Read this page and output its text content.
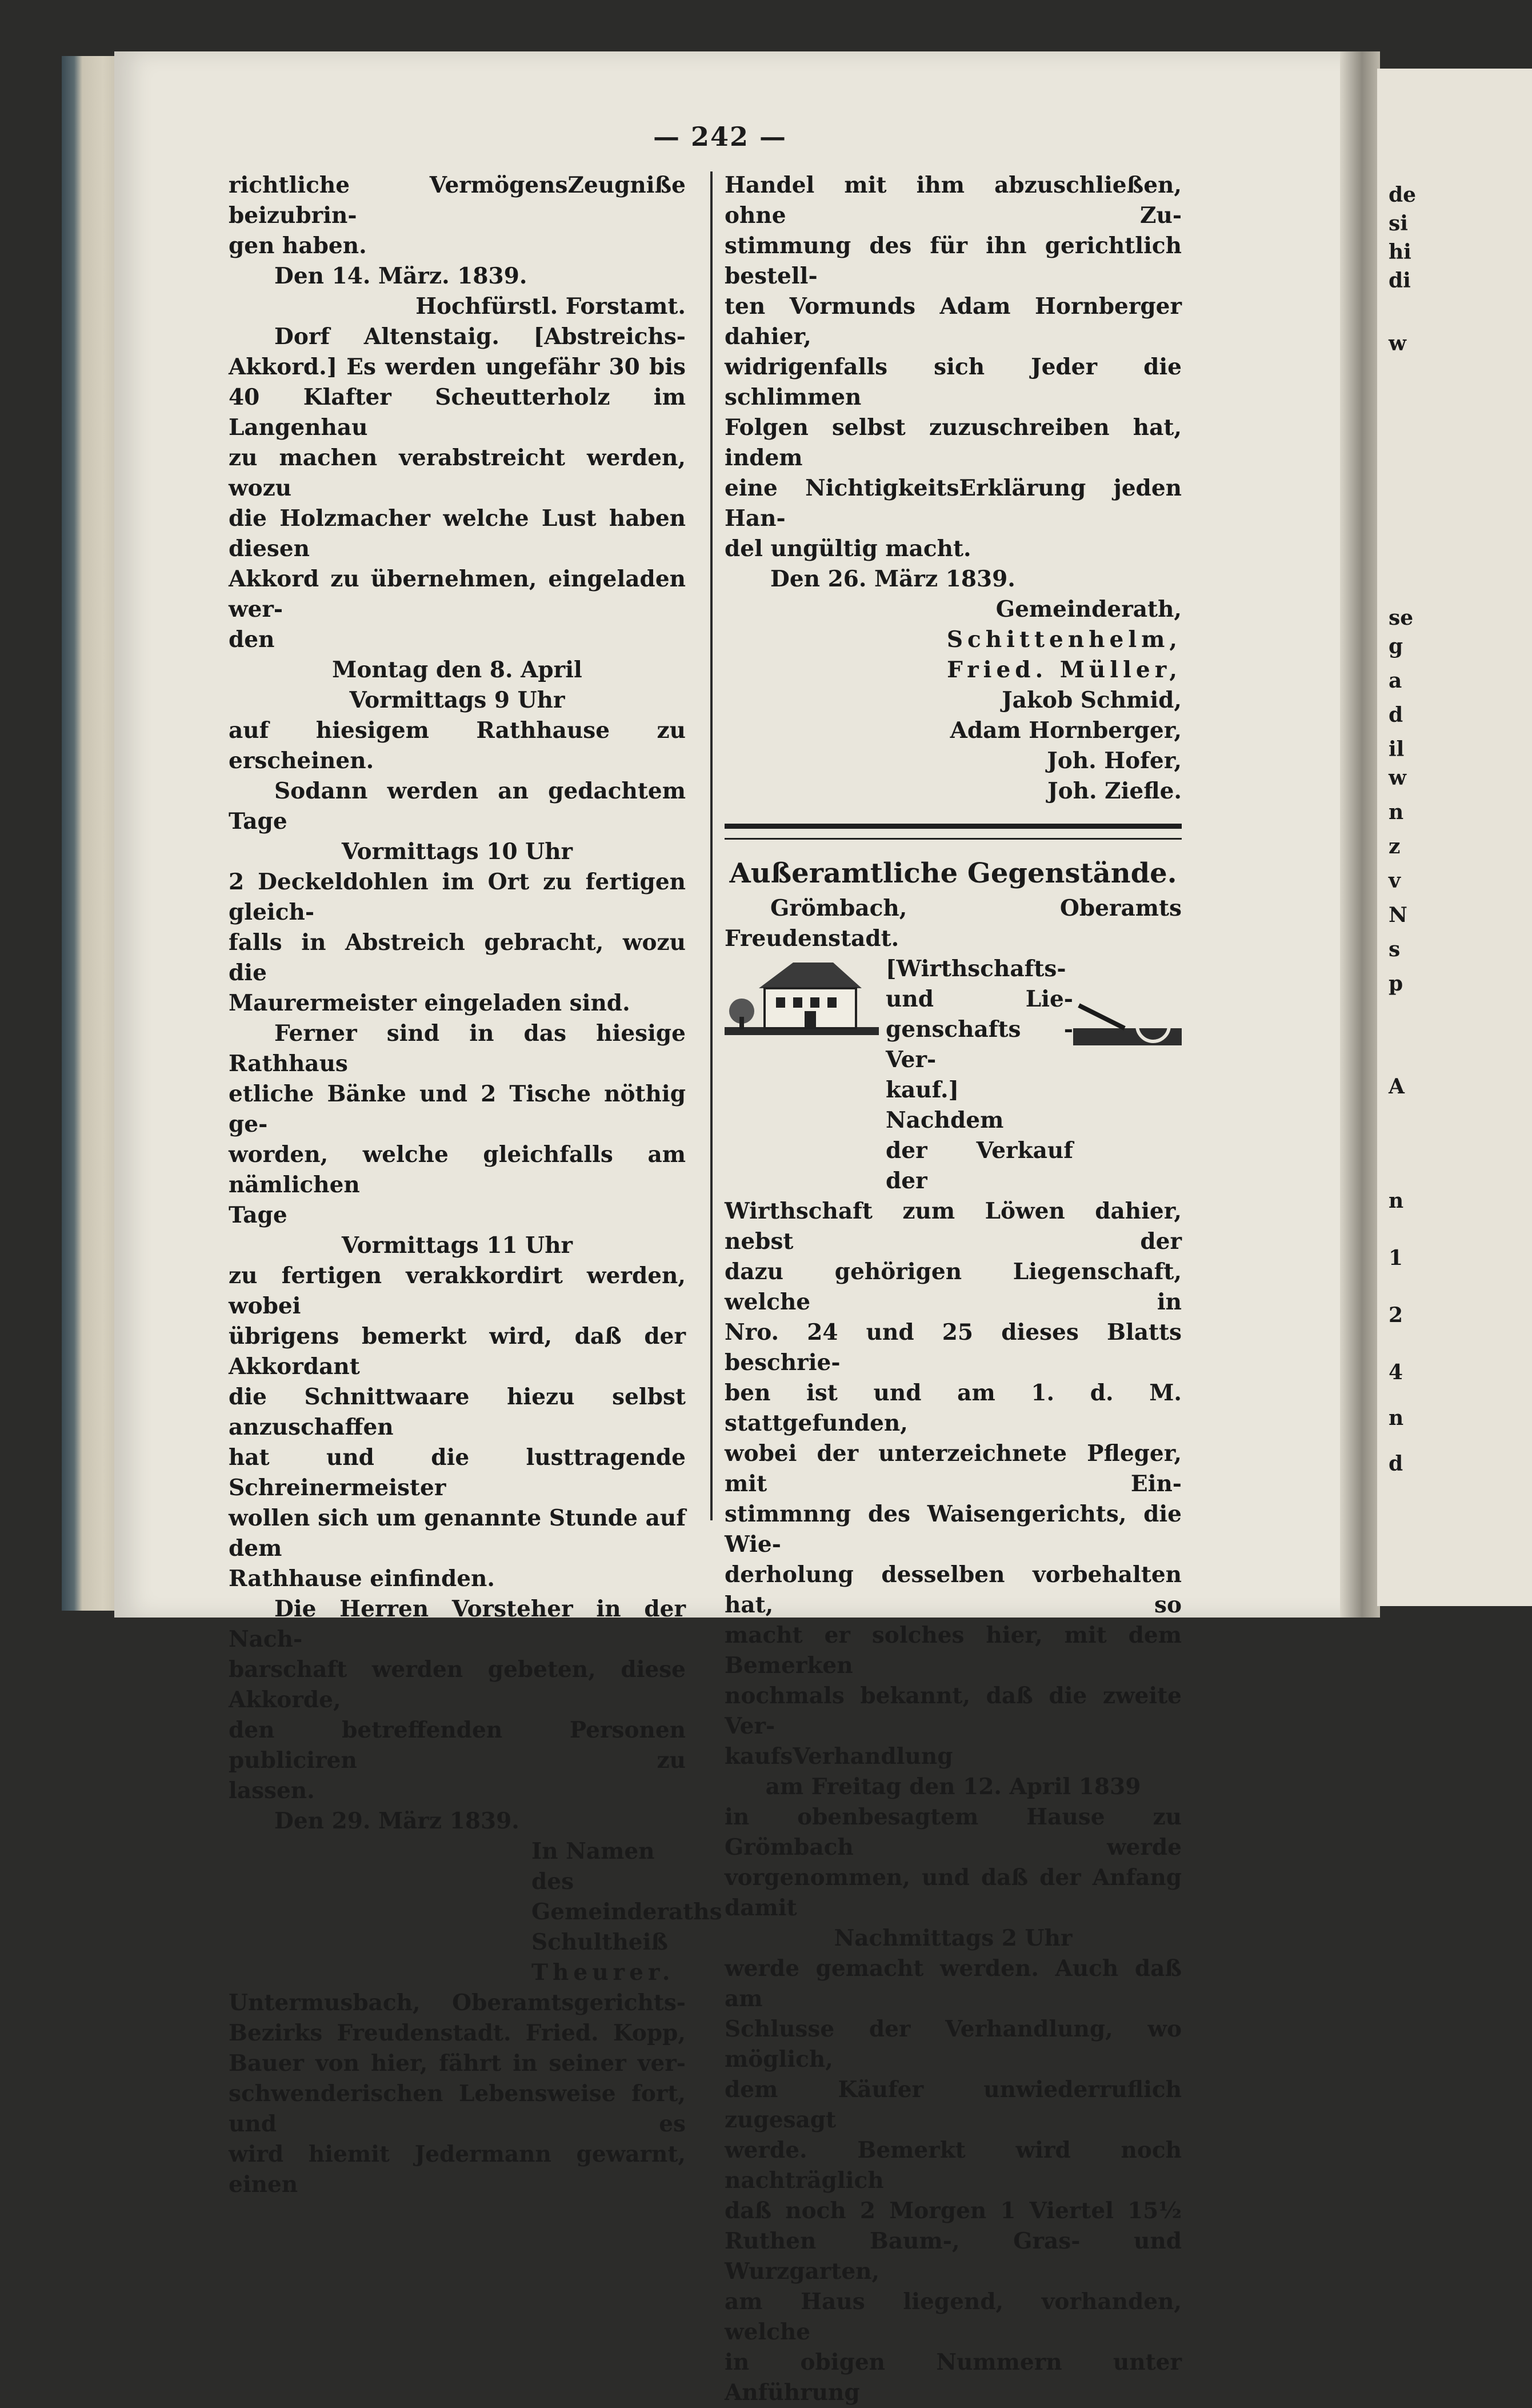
de
si
hi
di
w
se
g
a
d
il
w
n
z
v
N
s
p
A
n
1
2
4
n
d
— 242 —

richtliche VermögensZeugniße beizubrin-

gen haben.

Den 14. März. 1839.

Hochfürstl. Forstamt.

Dorf Altenstaig. [Abstreichs-

Akkord.] Es werden ungefähr 30 bis

40 Klafter Scheutterholz im Langenhau

zu machen verabstreicht werden, wozu

die Holzmacher welche Lust haben diesen

Akkord zu übernehmen, eingeladen wer-

den

Montag den 8. April

Vormittags 9 Uhr

auf hiesigem Rathhause zu erscheinen.

Sodann werden an gedachtem Tage

Vormittags 10 Uhr

2 Deckeldohlen im Ort zu fertigen gleich-

falls in Abstreich gebracht, wozu die

Maurermeister eingeladen sind.

Ferner sind in das hiesige Rathhaus

etliche Bänke und 2 Tische nöthig ge-

worden, welche gleichfalls am nämlichen

Tage

Vormittags 11 Uhr

zu fertigen verakkordirt werden, wobei

übrigens bemerkt wird, daß der Akkordant

die Schnittwaare hiezu selbst anzuschaffen

hat und die lusttragende Schreinermeister

wollen sich um genannte Stunde auf dem

Rathhause einfinden.

Die Herren Vorsteher in der Nach-

barschaft werden gebeten, diese Akkorde,

den betreffenden Personen publiciren zu

lassen.

Den 29. März 1839.

In Namen

des Gemeinderaths

Schultheiß

Theurer.

Untermusbach, Oberamtsgerichts-

Bezirks Freudenstadt. Fried. Kopp,

Bauer von hier, fährt in seiner ver-

schwenderischen Lebensweise fort, und es

wird hiemit Jedermann gewarnt, einen

Handel mit ihm abzuschließen, ohne Zu-

stimmung des für ihn gerichtlich bestell-

ten Vormunds Adam Hornberger dahier,

widrigenfalls sich Jeder die schlimmen

Folgen selbst zuzuschreiben hat, indem

eine NichtigkeitsErklärung jeden Han-

del ungültig macht.

Den 26. März 1839.

Gemeinderath,

Schittenhelm,

Fried. Müller,

Jakob Schmid,

Adam Hornberger,

Joh. Hofer,

Joh. Ziefle.

Außeramtliche Gegenstände.

Grömbach, Oberamts Freudenstadt.

[Wirthschafts- und Lie-

genschafts - Ver-

kauf.] Nachdem

der Verkauf der

Wirthschaft zum Löwen dahier, nebst der

dazu gehörigen Liegenschaft, welche in

Nro. 24 und 25 dieses Blatts beschrie-

ben ist und am 1. d. M. stattgefunden,

wobei der unterzeichnete Pfleger, mit Ein-

stimmnng des Waisengerichts, die Wie-

derholung desselben vorbehalten hat, so

macht er solches hier, mit dem Bemerken

nochmals bekannt, daß die zweite Ver-

kaufsVerhandlung

am Freitag den 12. April 1839

in obenbesagtem Hause zu Grömbach werde

vorgenommen, und daß der Anfang damit

Nachmittags 2 Uhr

werde gemacht werden. Auch daß am

Schlusse der Verhandlung, wo möglich,

dem Käufer unwiederruflich zugesagt

werde. Bemerkt wird noch nachträglich

daß noch 2 Morgen 1 Viertel 15½

Ruthen Baum-, Gras- und Wurzgarten,

am Haus liegend, vorhanden, welche

in obigen Nummern unter Anführung
